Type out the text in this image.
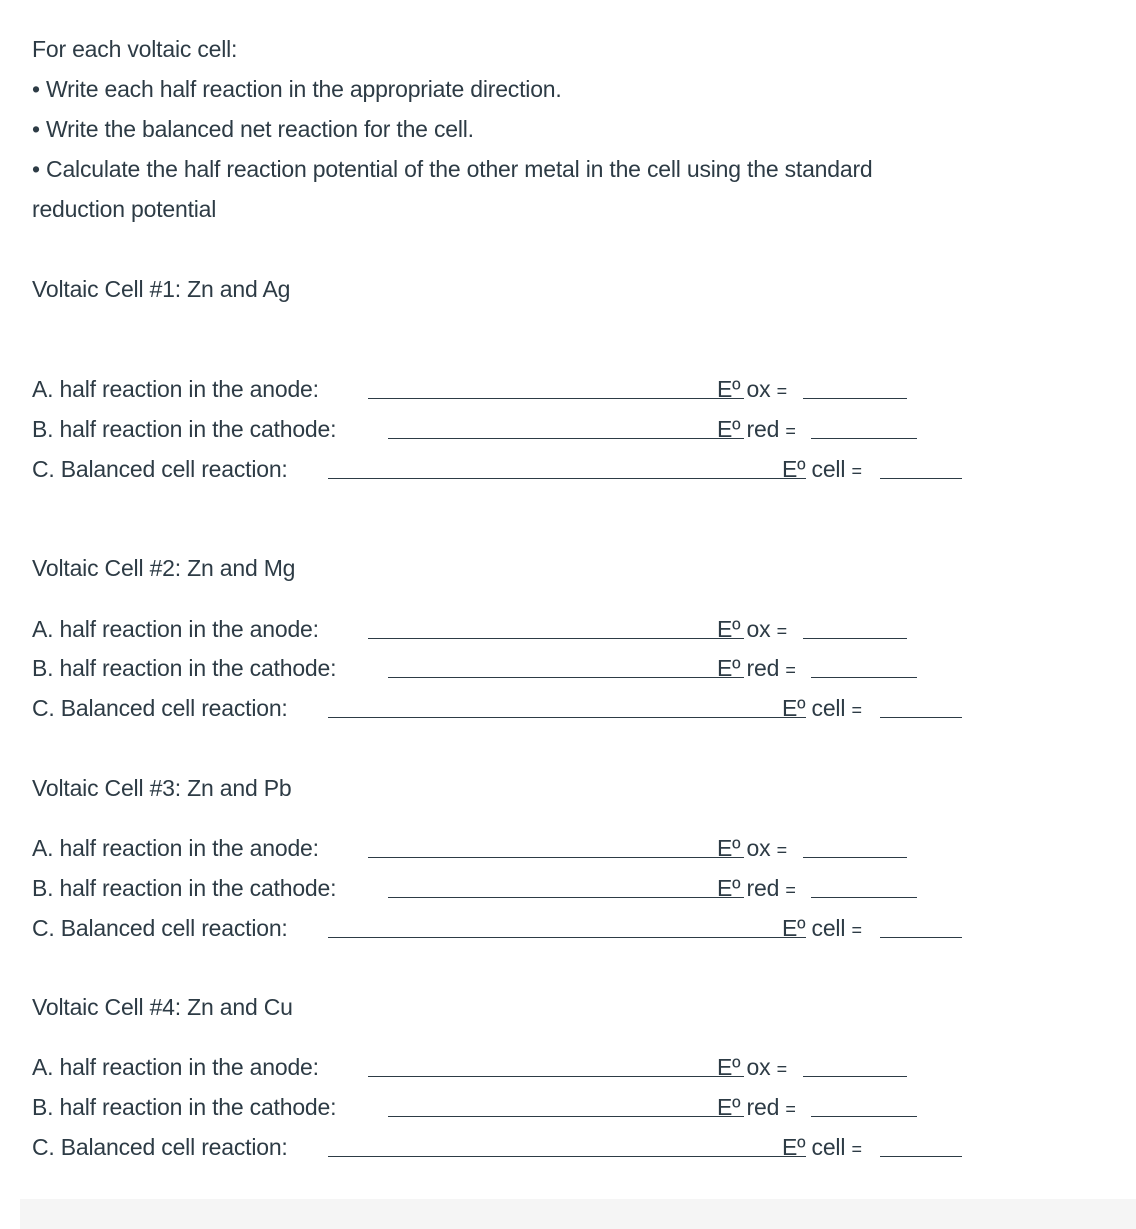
For each voltaic cell:
• Write each half reaction in the appropriate direction.
• Write the balanced net reaction for the cell.
• Calculate the half reaction potential of the other metal in the cell using the standard
reduction potential
Voltaic Cell #1: Zn and Ag
A. half reaction in the anode:	Eº ox =
B. half reaction in the cathode:	Eº red =
C. Balanced cell reaction:	Eº cell =
Voltaic Cell #2: Zn and Mg
A. half reaction in the anode:	Eº ox =
B. half reaction in the cathode:	Eº red =
C. Balanced cell reaction:	Eº cell =
Voltaic Cell #3: Zn and Pb
A. half reaction in the anode:	Eº ox =
B. half reaction in the cathode:	Eº red =
C. Balanced cell reaction:	Eº cell =
Voltaic Cell #4: Zn and Cu
A. half reaction in the anode:	Eº ox =
B. half reaction in the cathode:	Eº red =
C. Balanced cell reaction:	Eº cell =
